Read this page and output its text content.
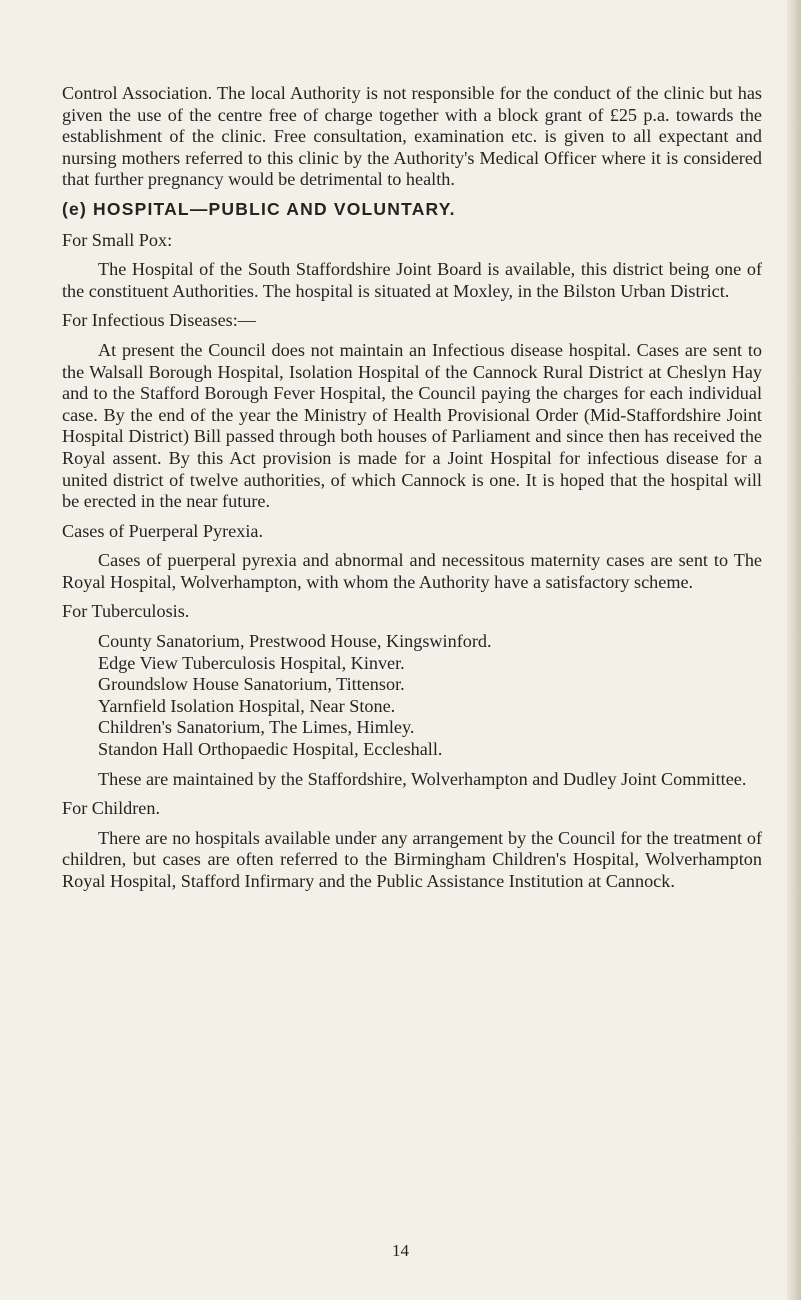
Control Association. The local Authority is not responsible for the conduct of the clinic but has given the use of the centre free of charge together with a block grant of £25 p.a. towards the establishment of the clinic. Free consultation, examination etc. is given to all expectant and nursing mothers referred to this clinic by the Authority's Medical Officer where it is considered that further pregnancy would be detrimental to health.

(e) HOSPITAL—PUBLIC AND VOLUNTARY.
For Small Pox:

The Hospital of the South Staffordshire Joint Board is available, this district being one of the constituent Authorities. The hospital is situated at Moxley, in the Bilston Urban District.

For Infectious Diseases:—

At present the Council does not maintain an Infectious disease hospital. Cases are sent to the Walsall Borough Hospital, Isolation Hospital of the Cannock Rural District at Cheslyn Hay and to the Stafford Borough Fever Hospital, the Council paying the charges for each individual case. By the end of the year the Ministry of Health Provisional Order (Mid-Staffordshire Joint Hospital District) Bill passed through both houses of Parliament and since then has received the Royal assent. By this Act provision is made for a Joint Hospital for infectious disease for a united district of twelve authorities, of which Cannock is one. It is hoped that the hospital will be erected in the near future.

Cases of Puerperal Pyrexia.

Cases of puerperal pyrexia and abnormal and necessitous maternity cases are sent to The Royal Hospital, Wolverhampton, with whom the Authority have a satisfactory scheme.

For Tuberculosis.
County Sanatorium, Prestwood House, Kingswinford.
Edge View Tuberculosis Hospital, Kinver.
Groundslow House Sanatorium, Tittensor.
Yarnfield Isolation Hospital, Near Stone.
Children's Sanatorium, The Limes, Himley.
Standon Hall Orthopaedic Hospital, Eccleshall.

These are maintained by the Staffordshire, Wolverhampton and Dudley Joint Committee.

For Children.

There are no hospitals available under any arrangement by the Council for the treatment of children, but cases are often referred to the Birmingham Children's Hospital, Wolverhampton Royal Hospital, Stafford Infirmary and the Public Assistance Institution at Cannock.

14
